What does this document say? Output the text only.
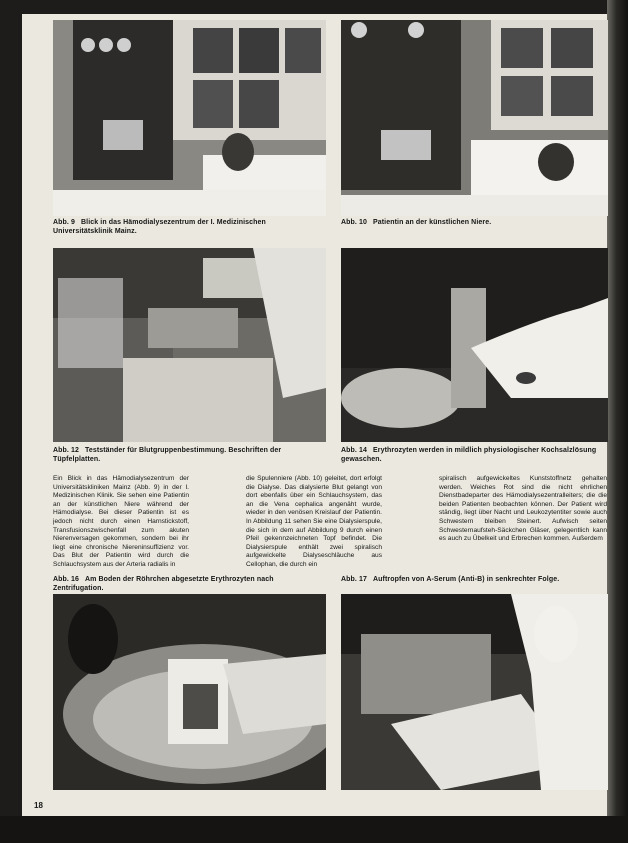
Abb. 9 Blick in das Hämodialysezentrum der I. Medizinischen Universitätsklinik Mainz.
Abb. 10 Patientin an der künstlichen Niere.
Abb. 12 Testständer für Blutgruppenbestimmung. Beschriften der Tüpfelplatten.
Abb. 14 Erythrozyten werden in mildlich physiologischer Kochsalzlösung gewaschen.
Ein Blick in das Hämodialysezentrum der Universitätskliniken Mainz (Abb. 9) in der I. Medizinischen Klinik. Sie sehen eine Patientin an der künstlichen Niere während der Hämodialyse. Bei dieser Patientin ist es jedoch nicht durch einen Harnstickstoff, Transfusionszwischenfall zum akuten Nierenversagen gekommen, sondern bei ihr liegt eine chronische Niereninsuffizienz vor. Das Blut der Patientin wird durch die Schlauchsystem aus der Arteria radialis in
die Spulenniere (Abb. 10) geleitet, dort erfolgt die Dialyse. Das dialysierte Blut gelangt von dort ebenfalls über ein Schlauchsystem, das an die Vena cephalica angenäht wurde, wieder in den venösen Kreislauf der Patientin. In Abbildung 11 sehen Sie eine Dialysierspule, die sich in dem auf Abbildung 9 durch einen Pfeil gekennzeichneten Topf befindet. Die Dialysierspule enthält zwei spiralisch aufgewickelte Dialyseschläuche aus Cellophan, die durch ein
spiralisch aufgewickeltes Kunststoffnetz gehalten werden. Weiches Rot sind die nicht ehrlichen Dienstbadeparter des Hämodialysezentralleiters; die die beiden Patienten beobachten können. Der Patient wird ständig, liegt über Nacht und Leukozytentiter sowie auch Schwestern bleiben Steinert. Aufwisch seiten Schwesternaufsteh-Säckchen Gläser, gelegentlich kann es auch zu Übelkeit und Erbrechen kommen. Außerdem
Abb. 16 Am Boden der Röhrchen abgesetzte Erythrozyten nach Zentrifugation.
Abb. 17 Auftropfen von A-Serum (Anti-B) in senkrechter Folge.
18
